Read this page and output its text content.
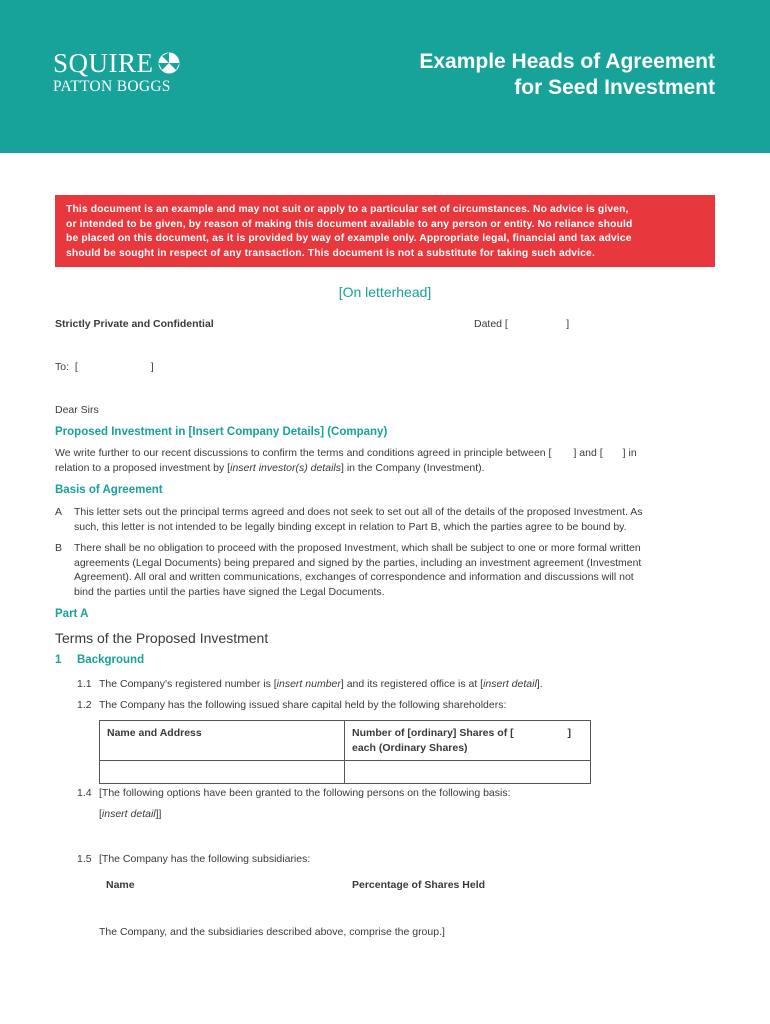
SQUIRE
PATTON BOGGS
Example Heads of Agreement
for Seed Investment
This document is an example and may not suit or apply to a particular set of circumstances. No advice is given,
or intended to be given, by reason of making this document available to any person or entity. No reliance should
be placed on this document, as it is provided by way of example only. Appropriate legal, financial and tax advice
should be sought in respect of any transaction. This document is not a substitute for taking such advice.
[On letterhead]
Strictly Private and Confidential	Dated [                    ]
To:  [                         ]
Dear Sirs
Proposed Investment in [Insert Company Details] (Company)
We write further to our recent discussions to confirm the terms and conditions agreed in principle between [ ] and [ ] in
relation to a proposed investment by [insert investor(s) details] in the Company (Investment).
Basis of Agreement
A This letter sets out the principal terms agreed and does not seek to set out all of the details of the proposed Investment. As
such, this letter is not intended to be legally binding except in relation to Part B, which the parties agree to be bound by.
B There shall be no obligation to proceed with the proposed Investment, which shall be subject to one or more formal written
agreements (Legal Documents) being prepared and signed by the parties, including an investment agreement (Investment
Agreement). All oral and written communications, exchanges of correspondence and information and discussions will not
bind the parties until the parties have signed the Legal Documents.
Part A
Terms of the Proposed Investment
1 Background
1.1 The Company's registered number is [insert number] and its registered office is at [insert detail].
1.2 The Company has the following issued share capital held by the following shareholders:
Name and Address	Number of [ordinary] Shares of [
each (Ordinary Shares)
]

1.4 [The following options have been granted to the following persons on the following basis:
[insert detail]]
1.5 [The Company has the following subsidiaries:
Name	Percentage of Shares Held
The Company, and the subsidiaries described above, comprise the group.]
